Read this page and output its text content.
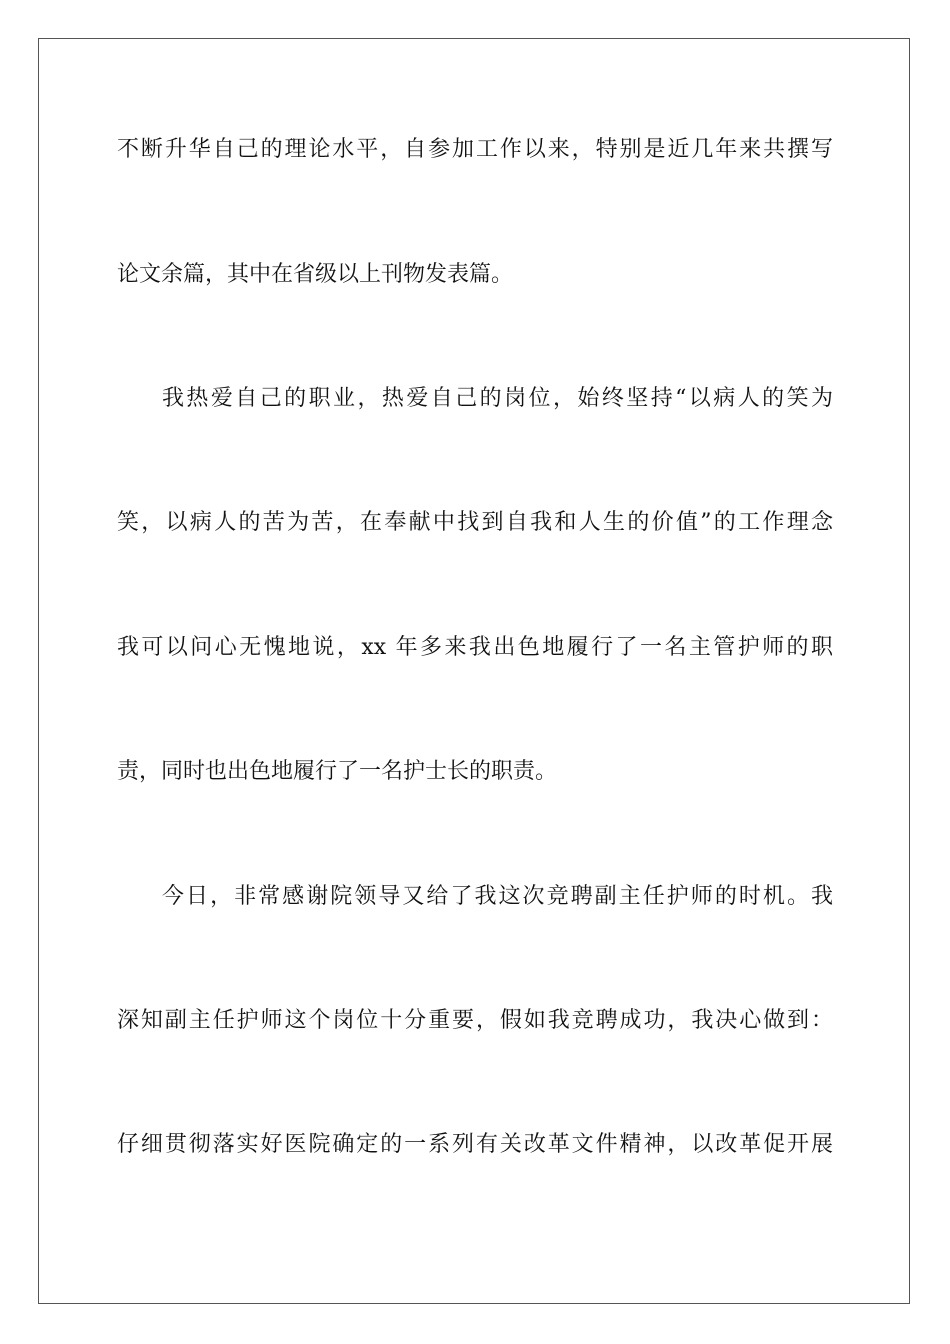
不断升华自己的理论水平，自参加工作以来，特别是近几年来共撰写
论文余篇，其中在省级以上刊物发表篇。
我热爱自己的职业，热爱自己的岗位，始终坚持“以病人的笑为
笑，以病人的苦为苦，在奉献中找到自我和人生的价值”的工作理念
我可以问心无愧地说，xx 年多来我出色地履行了一名主管护师的职
责，同时也出色地履行了一名护士长的职责。
今日，非常感谢院领导又给了我这次竞聘副主任护师的时机。我
深知副主任护师这个岗位十分重要，假如我竞聘成功，我决心做到：
仔细贯彻落实好医院确定的一系列有关改革文件精神，以改革促开展
